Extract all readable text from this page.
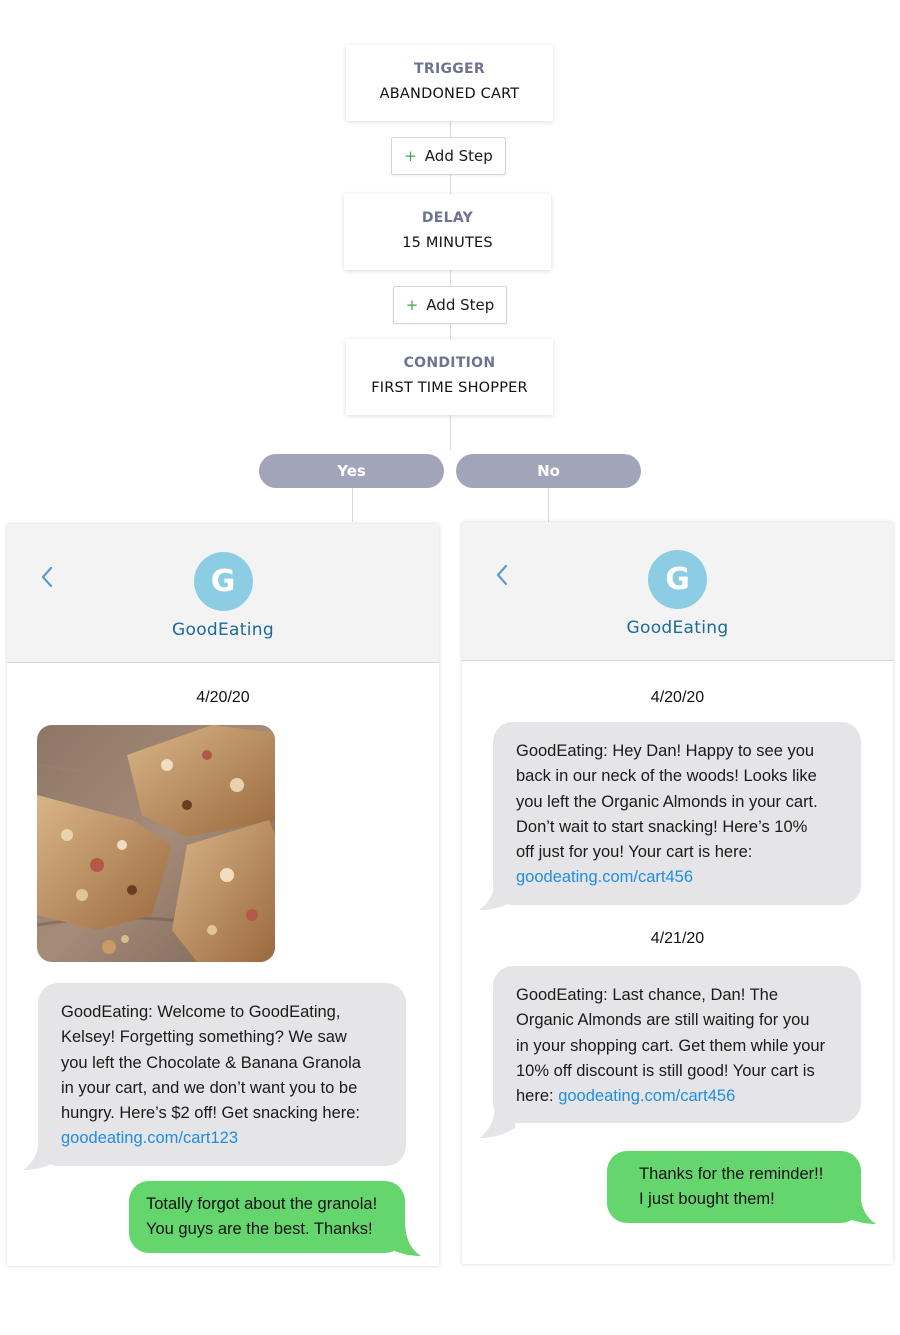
TRIGGER
ABANDONED CART
+ Add Step
DELAY
15 MINUTES
+ Add Step
CONDITION
FIRST TIME SHOPPER
Yes	No
G
GoodEating
4/20/20
GoodEating: Welcome to GoodEating,
Kelsey! Forgetting something? We saw
you left the Chocolate & Banana Granola
in your cart, and we don’t want you to be
hungry. Here’s $2 off! Get snacking here:
goodeating.com/cart123
Totally forgot about the granola!
You guys are the best. Thanks!
G
GoodEating
4/20/20
GoodEating: Hey Dan! Happy to see you
back in our neck of the woods! Looks like
you left the Organic Almonds in your cart.
Don’t wait to start snacking! Here’s 10%
off just for you! Your cart is here:
goodeating.com/cart456
4/21/20
GoodEating: Last chance, Dan! The
Organic Almonds are still waiting for you
in your shopping cart. Get them while your
10% off discount is still good! Your cart is
here: goodeating.com/cart456
Thanks for the reminder!!
I just bought them!
